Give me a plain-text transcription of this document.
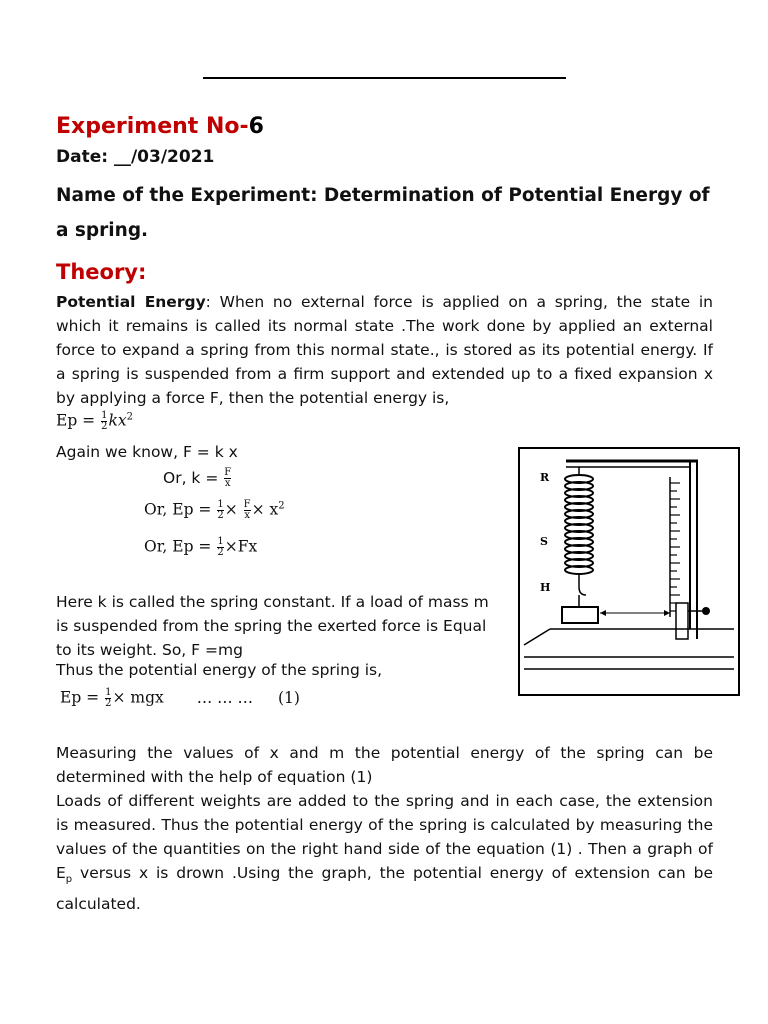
Experiment No-6
Date: __/03/2021
Name of the Experiment: Determination of Potential Energy of a spring.
Theory:
Potential Energy: When no external force is applied on a spring, the state in which it remains is called its normal state .The work done by applied an external force to expand a spring from this normal state., is stored as its potential energy. If a spring is suspended from a firm support and extended up to a fixed expansion x by applying a force F, then the potential energy is,
$Ep = \frac{1}{2} kx^2$
Again we know, F = k x
Or, $k = \frac{F}{x}$
Or, $Ep = \frac{1}{2} \times \frac{F}{x} \times x^2$
Or, $Ep = \frac{1}{2} \times Fx$
Here k is called the spring constant. If a load of mass m is suspended from the spring the exerted force is Equal to its weight. So, F =mg
Thus the potential energy of the spring is,
$Ep = \frac{1}{2}$ × mgx … … … (1)
Measuring the values of x and m the potential energy of the spring can be determined with the help of equation (1)
Loads of different weights are added to the spring and in each case, the extension is measured. Thus the potential energy of the spring is calculated by measuring the values of the quantities on the right hand side of the equation (1) . Then a graph of $E_p$ versus x is drown .Using the graph, the potential energy of extension can be calculated.
R
S
H
